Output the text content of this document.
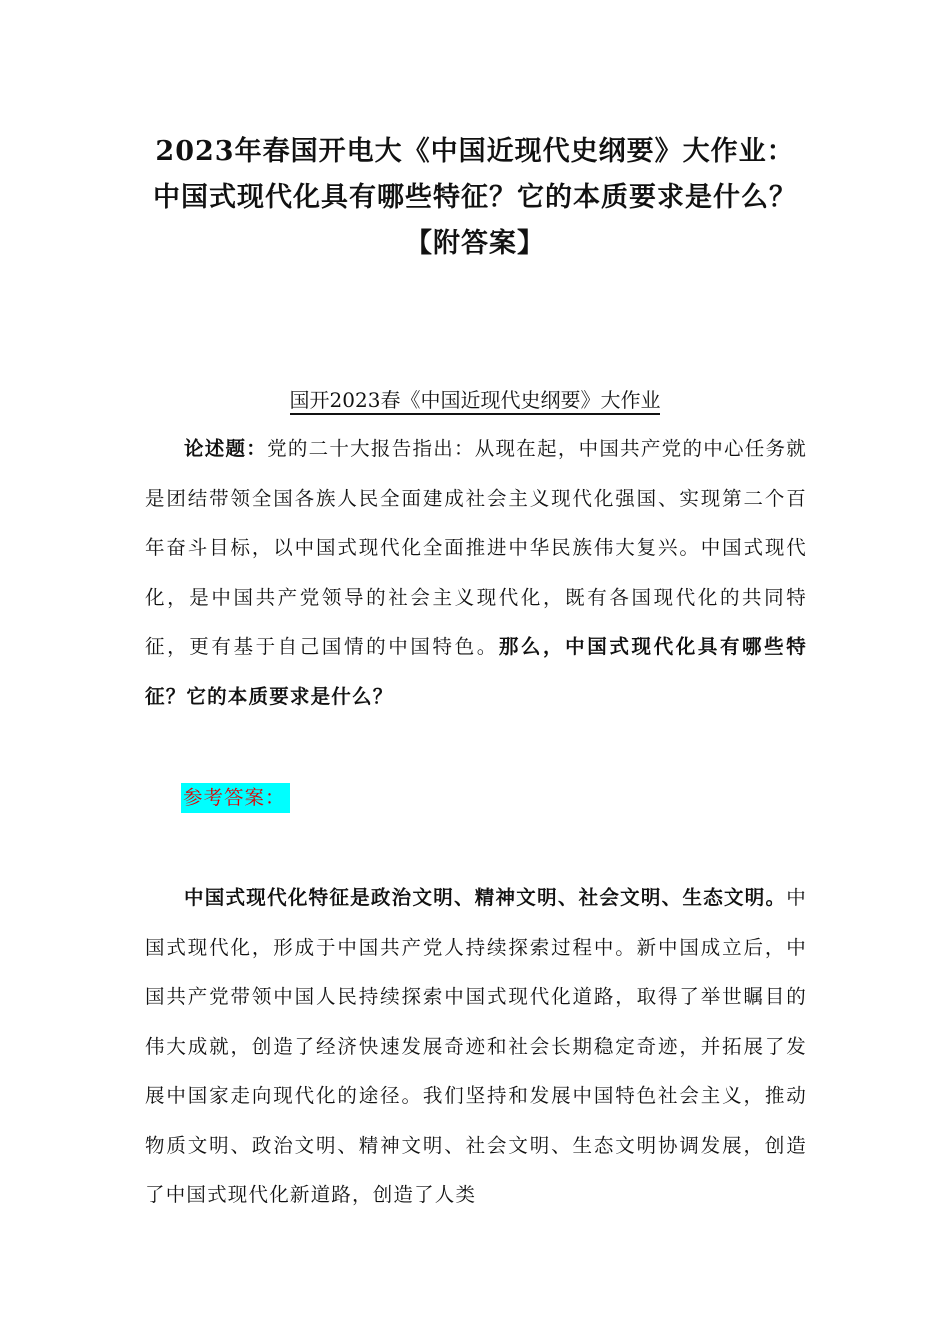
2023年春国开电大《中国近现代史纲要》大作业：
中国式现代化具有哪些特征？它的本质要求是什么？
【附答案】
国开2023春《中国近现代史纲要》大作业
论述题：党的二十大报告指出：从现在起，中国共产党的中心任务就是团结带领全国各族人民全面建成社会主义现代化强国、实现第二个百年奋斗目标，以中国式现代化全面推进中华民族伟大复兴。中国式现代化，是中国共产党领导的社会主义现代化，既有各国现代化的共同特征，更有基于自己国情的中国特色。那么，中国式现代化具有哪些特征？它的本质要求是什么？
参考答案：
中国式现代化特征是政治文明、精神文明、社会文明、生态文明。中国式现代化，形成于中国共产党人持续探索过程中。新中国成立后，中国共产党带领中国人民持续探索中国式现代化道路，取得了举世瞩目的伟大成就，创造了经济快速发展奇迹和社会长期稳定奇迹，并拓展了发展中国家走向现代化的途径。我们坚持和发展中国特色社会主义，推动物质文明、政治文明、精神文明、社会文明、生态文明协调发展，创造了中国式现代化新道路，创造了人类
